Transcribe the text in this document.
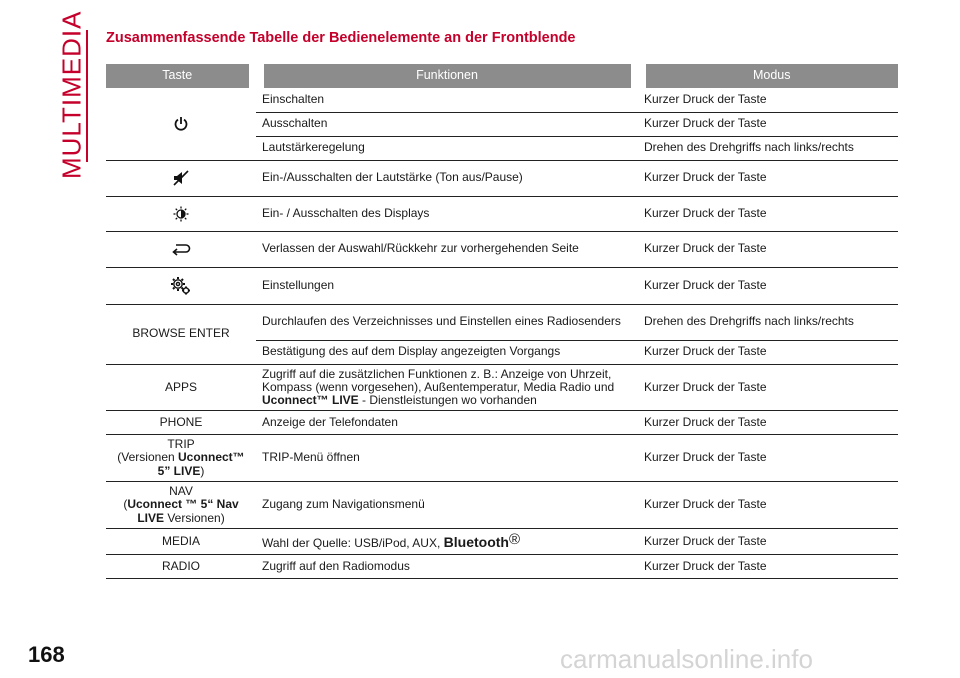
MULTIMEDIA	Zusammenfassende Tabelle der Bedienelemente an der Frontblende
Taste	Funktionen	Modus
	Einschalten	Kurzer Druck der Taste
	Ausschalten	Kurzer Druck der Taste
	Lautstärkeregelung	Drehen des Drehgriffs nach links/rechts
	Ein-/Ausschalten der Lautstärke (Ton aus/Pause)	Kurzer Druck der Taste
	Ein- / Ausschalten des Displays	Kurzer Druck der Taste
	Verlassen der Auswahl/Rückkehr zur vorhergehenden Seite	Kurzer Druck der Taste
	Einstellungen	Kurzer Druck der Taste
BROWSE ENTER	Durchlaufen des Verzeichnisses und Einstellen eines Radiosenders	Drehen des Drehgriffs nach links/rechts
	Bestätigung des auf dem Display angezeigten Vorgangs	Kurzer Druck der Taste
APPS	Zugriff auf die zusätzlichen Funktionen z. B.: Anzeige von Uhrzeit, Kompass (wenn vorgesehen), Außentemperatur, Media Radio und
Uconnect™ LIVE - Dienstleistungen wo vorhanden	Kurzer Druck der Taste
PHONE	Anzeige der Telefondaten	Kurzer Druck der Taste
TRIP
(Versionen Uconnect™ 5” LIVE)	TRIP-Menü öffnen	Kurzer Druck der Taste
NAV
(Uconnect ™ 5“ Nav LIVE Versionen)	Zugang zum Navigationsmenü	Kurzer Druck der Taste
MEDIA	Wahl der Quelle: USB/iPod, AUX, Bluetooth®	Kurzer Druck der Taste
RADIO	Zugriff auf den Radiomodus	Kurzer Druck der Taste
168	carmanualsonline.info
